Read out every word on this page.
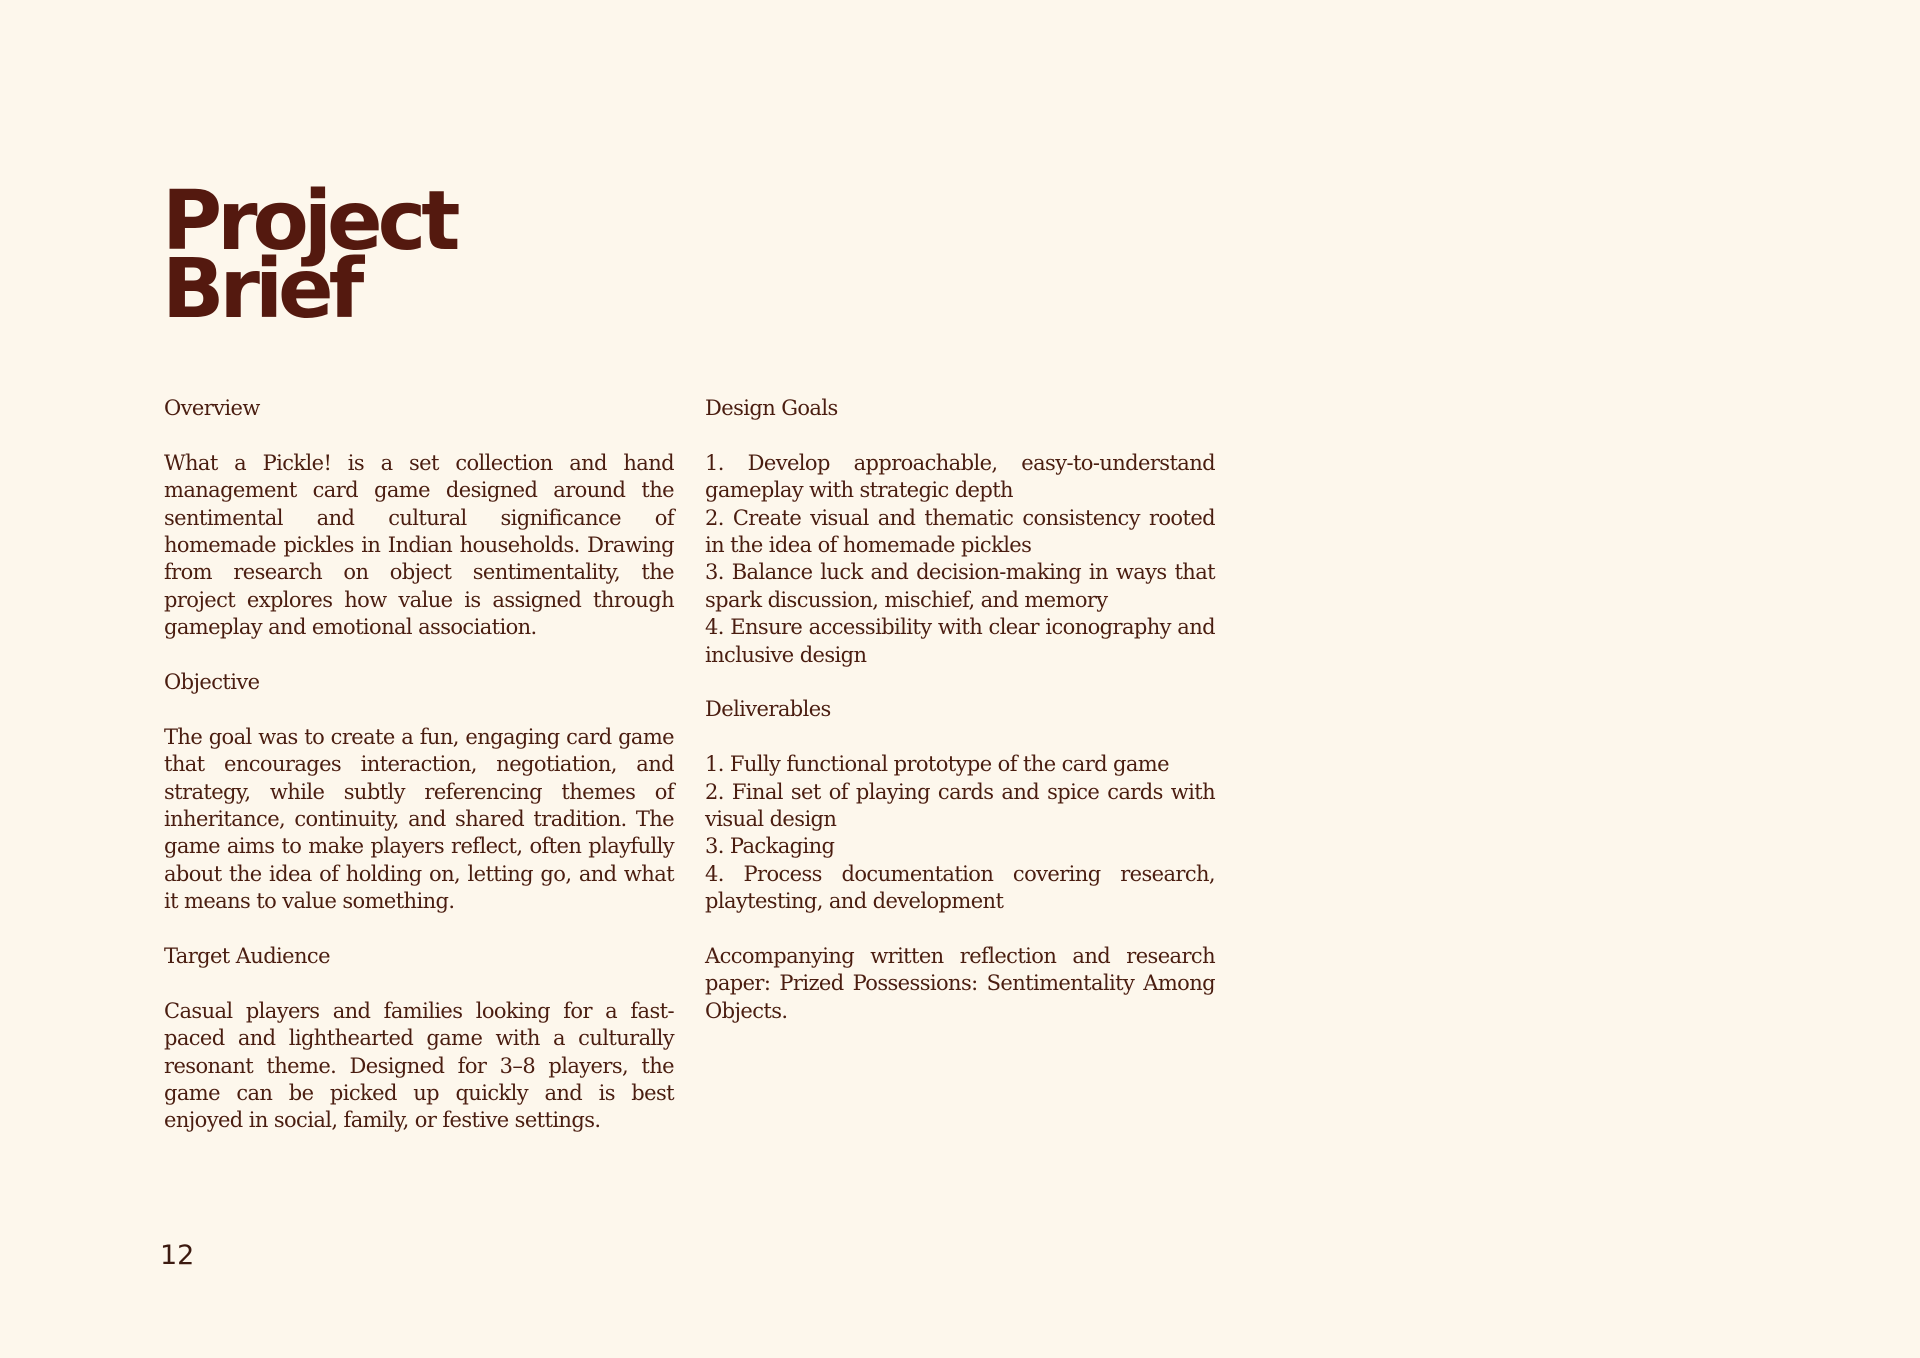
Project
Brief
Overview

What a Pickle! is a set collection and hand management card game designed around the sentimental and cultural significance of homemade pickles in Indian households. Drawing from research on object sentimentality, the project explores how value is assigned through gameplay and emotional association.

Objective

The goal was to create a fun, engaging card game that encourages interaction, negotiation, and strategy, while subtly referencing themes of inheritance, continuity, and shared tradition. The game aims to make players reflect, often playfully about the idea of holding on, letting go, and what it means to value something.

Target Audience

Casual players and families looking for a fast-paced and lighthearted game with a culturally resonant theme. Designed for 3–8 players, the game can be picked up quickly and is best enjoyed in social, family, or festive settings.

Design Goals
1. Develop approachable, easy-to-understand gameplay with strategic depth
2. Create visual and thematic consistency rooted in the idea of homemade pickles
3. Balance luck and decision-making in ways that spark discussion, mischief, and memory
4. Ensure accessibility with clear iconography and inclusive design
Deliverables
1. Fully functional prototype of the card game
2. Final set of playing cards and spice cards with visual design
3. Packaging
4. Process documentation covering research, playtesting, and development

Accompanying written reflection and research paper: Prized Possessions: Sentimentality Among Objects.

12
